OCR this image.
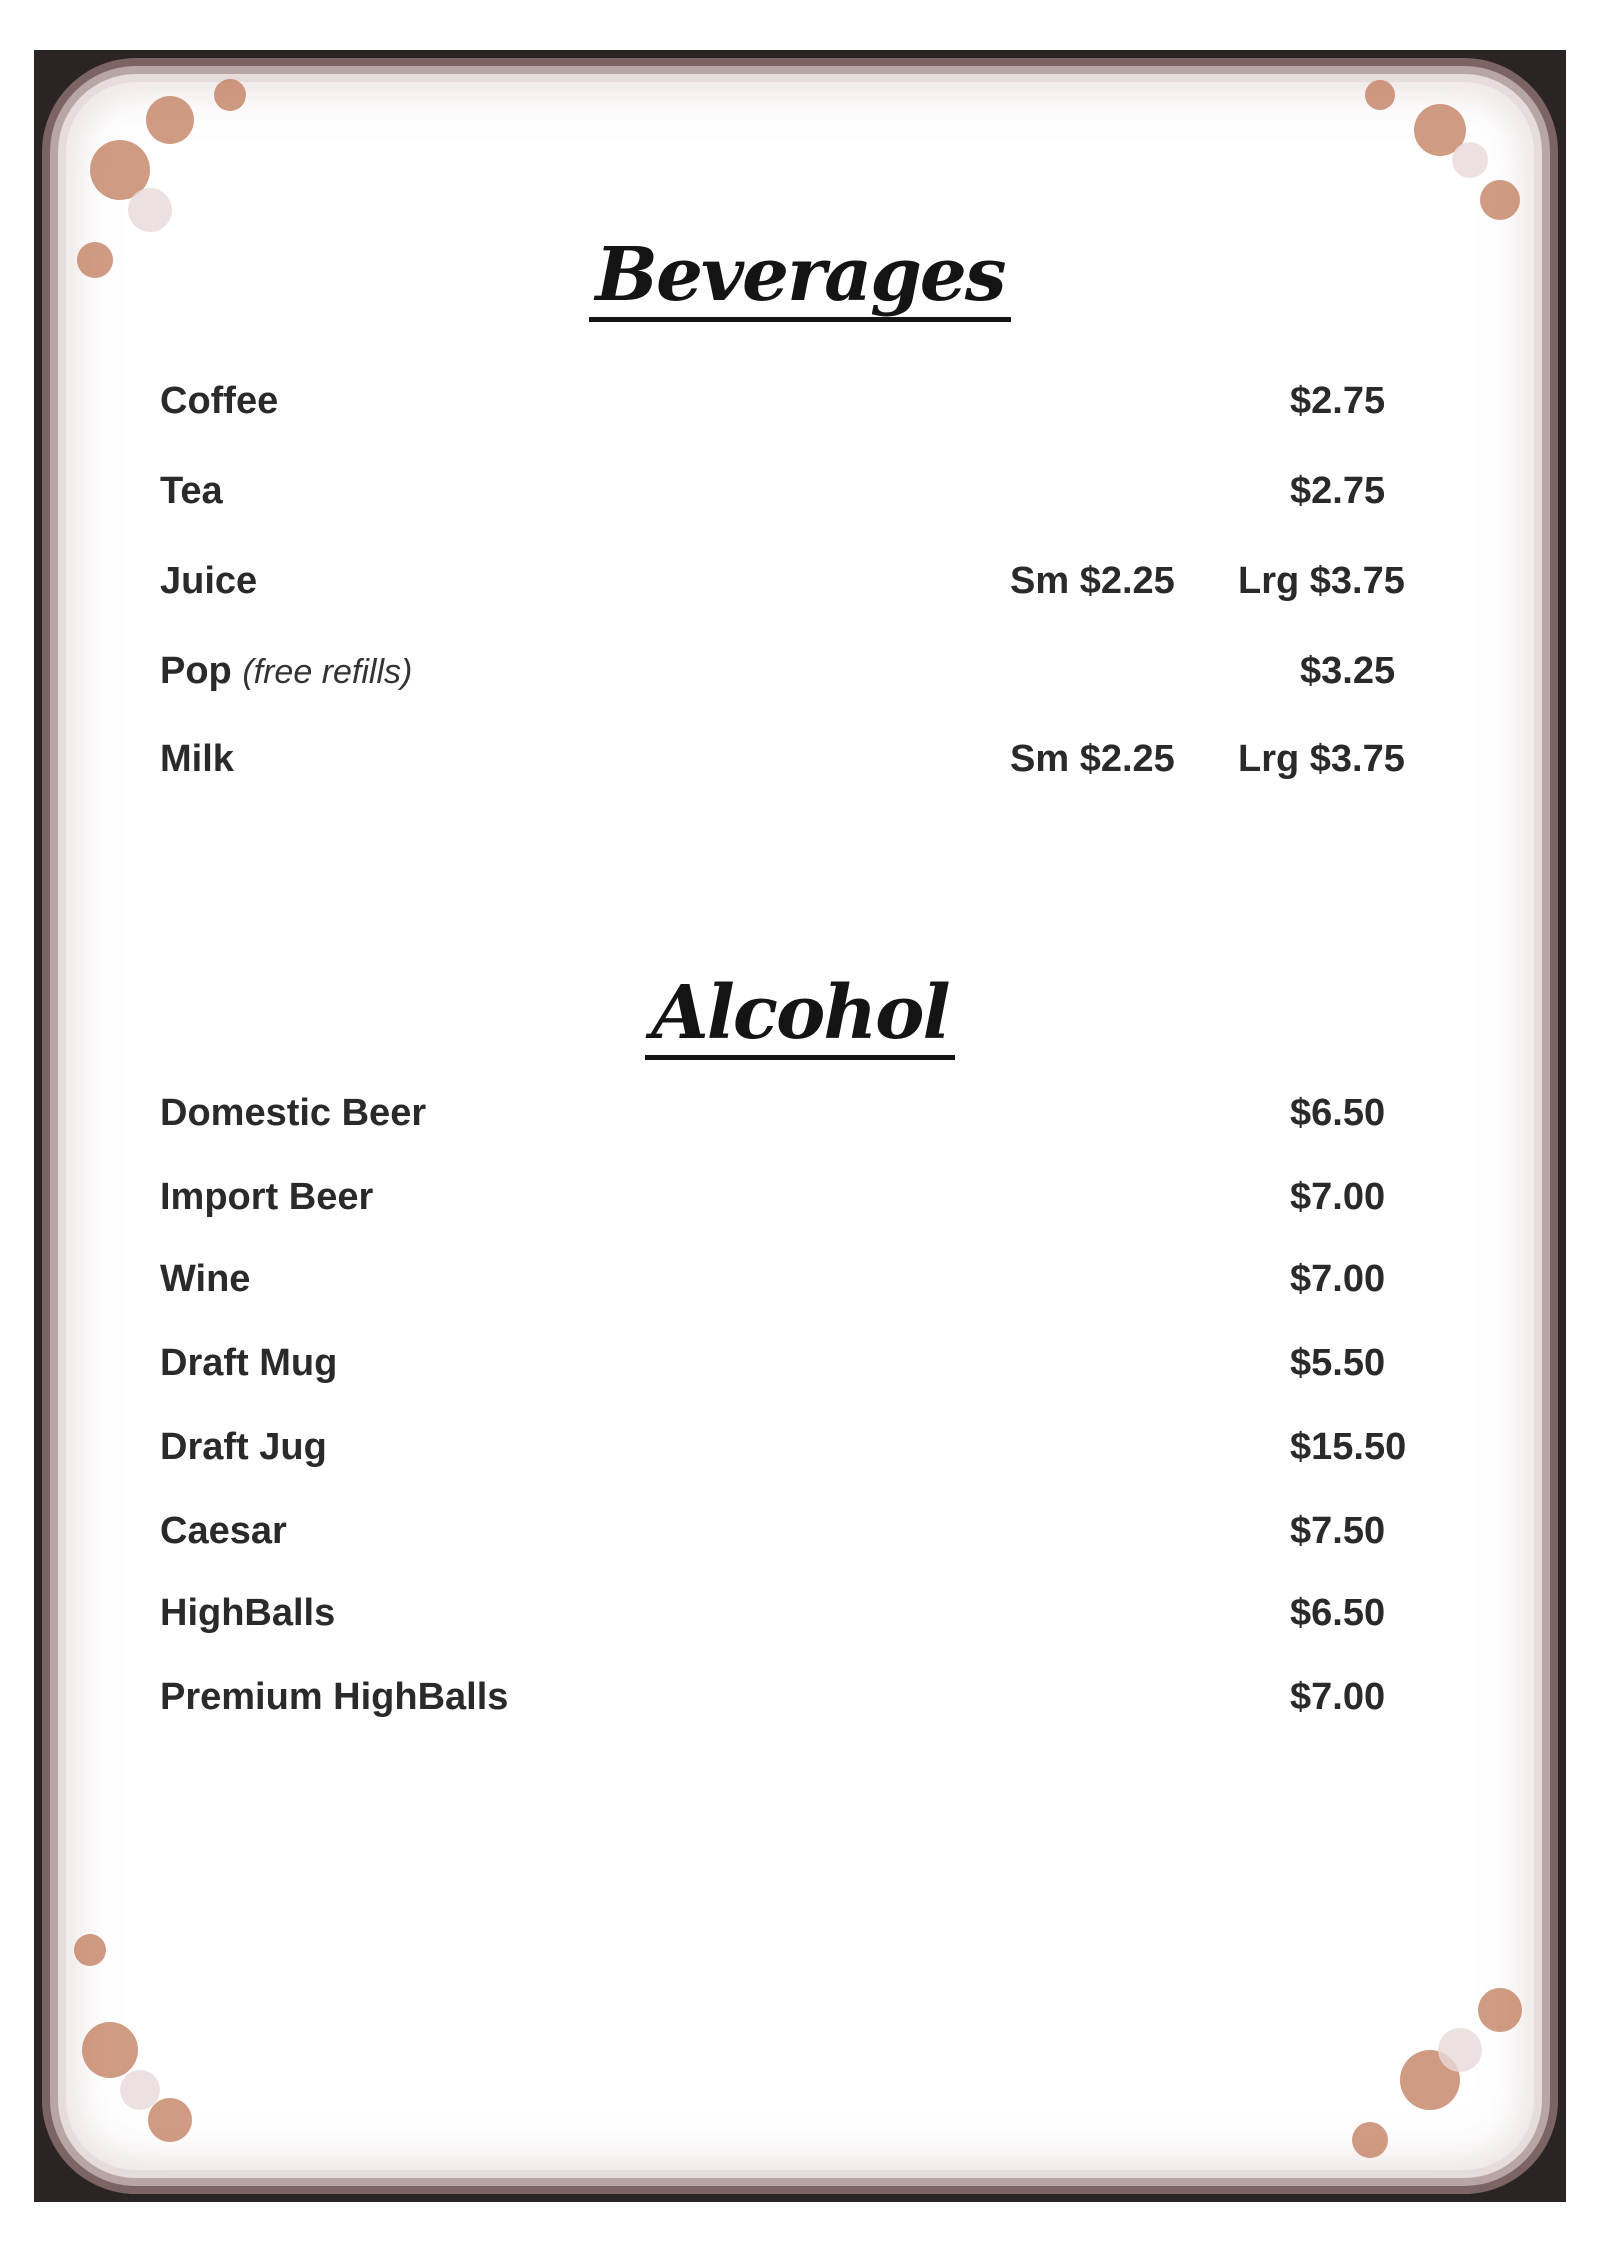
Beverages
Coffee	$2.75
Tea	$2.75
Juice	Sm $2.25 Lrg $3.75
Pop (free refills)	$3.25
Milk	Sm $2.25 Lrg $3.75
Alcohol
Domestic Beer	$6.50
Import Beer	$7.00
Wine	$7.00
Draft Mug	$5.50
Draft Jug	$15.50
Caesar	$7.50
HighBalls	$6.50
Premium HighBalls	$7.00
